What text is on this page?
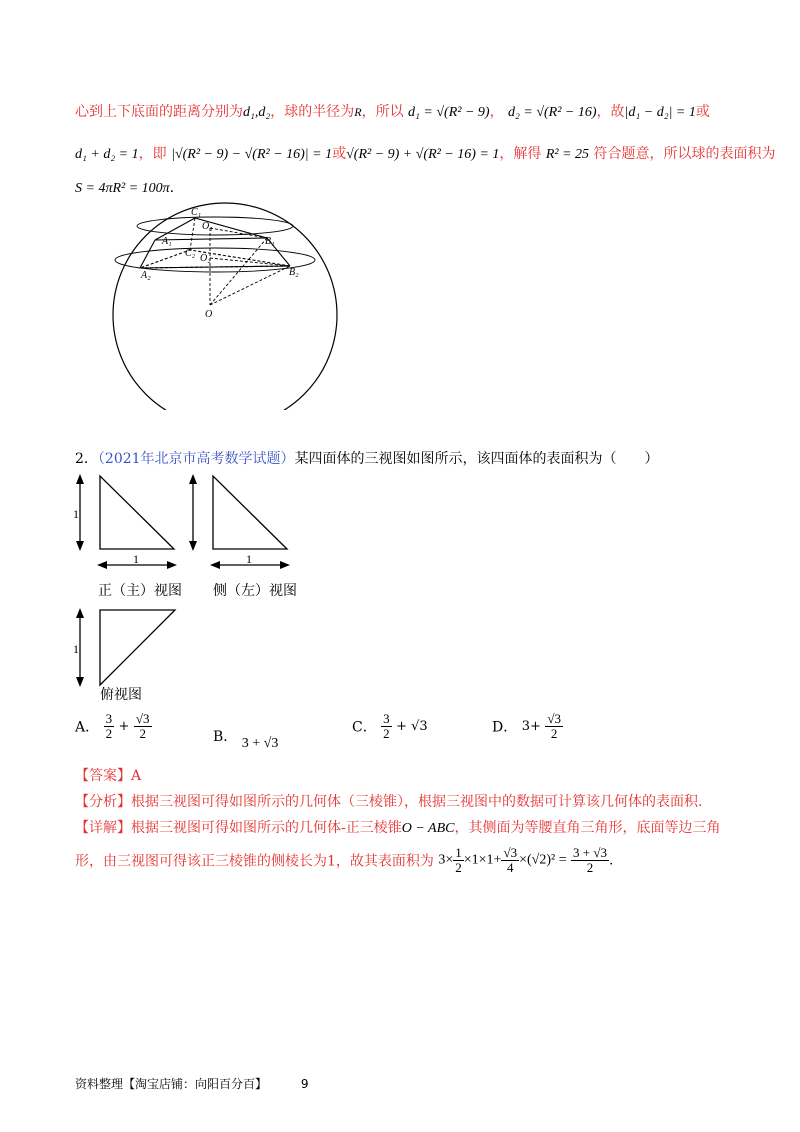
心到上下底面的距离分别为d₁,d₂，球的半径为R，所以 d₁ = √(R² − 9)， d₂ = √(R² − 16)，故|d₁ − d₂| = 1或
d₁ + d₂ = 1，即 |√(R² − 9) − √(R² − 16)| = 1或√(R² − 9) + √(R² − 16) = 1，解得 R² = 25 符合题意，所以球的表面积为
S = 4πR² = 100π.
C₁
O₁
A₁	B₁
C₂ O₂
A₂	B₂
O
2．（2021年北京市高考数学试题）某四面体的三视图如图所示，该四面体的表面积为（　　）
1
1
正（主）视图
1
侧（左）视图
1
俯视图
A． $\frac{3}{2} + \frac{√3}{2}$	B． 3 + √3
C． $\frac{3}{2} + √3$	D． $3+ \frac{√3}{2}$
【答案】A
【分析】根据三视图可得如图所示的几何体（三棱锥），根据三视图中的数据可计算该几何体的表面积.
【详解】根据三视图可得如图所示的几何体-正三棱锥O − ABC，其侧面为等腰直角三角形，底面等边三角
形，由三视图可得该正三棱锥的侧棱长为1，故其表面积为 $3\times \frac{1}{2} \times 1\times 1+ \frac{√3}{4} \times(√2)^2 = \frac{3 + √3}{2}$ .
资料整理【淘宝店铺：向阳百分百】	9
